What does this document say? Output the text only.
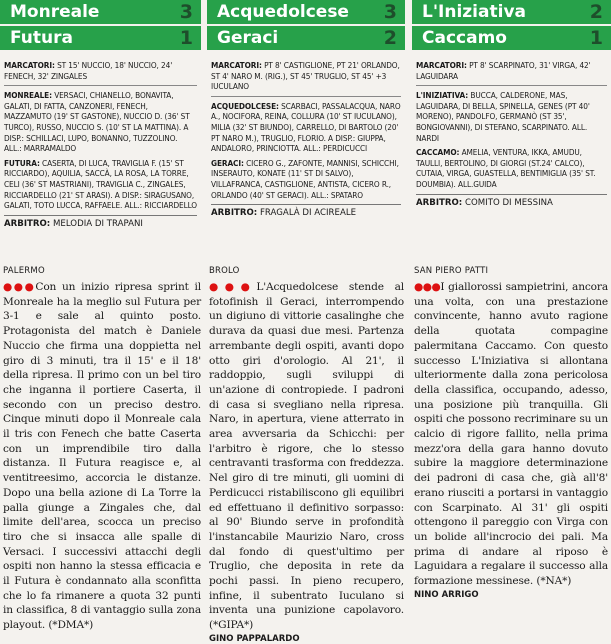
Monreale	3
Futura	1

MARCATORI: ST 15' NUCCIO, 18' NUCCIO, 24' FENECH, 32' ZINGALES

MONREALE: VERSACI, CHIANELLO, BONAVITA, GALATI, DI FATTA, CANZONERI, FENECH, MAZZAMUTO (19' ST GASTONE), NUCCIO D. (36' ST TURCO), RUSSO, NUCCIO S. (10' ST LA MATTINA). A DISP.: SCHILLACI, LUPO, BONANNO, TUZZOLINO. ALL.: MARRAMALDO

FUTURA: CASERTA, DI LUCA, TRAVIGLIA F. (15' ST RICCIARDO), AQUILIA, SACCÀ, LA ROSA, LA TORRE, CELI (36' ST MASTRIANI), TRAVIGLIA C., ZINGALES, RICCIARDELLO (21' ST ARASI). A DISP.: SIRAGUSANO, GALATI, TOTO LUCCA, RAFFAELE. ALL.: RICCIARDELLO

ARBITRO: MELODIA DI TRAPANI
Acquedolcese 3
Geraci	2

MARCATORI: PT 8' CASTIGLIONE, PT 21' ORLANDO, ST 4' NARO M. (RIG.), ST 45' TRUGLIO, ST 45' +3 IUCULANO

ACQUEDOLCESE: SCARBACI, PASSALACQUA, NARO A., NOCIFORA, REINA, COLLURA (10' ST IUCULANO), MILIA (32' ST BIUNDO), CARRELLO, DI BARTOLO (20' PT NARO M.), TRUGLIO, FLORIO. A DISP.: GIUPPA, ANDALORO, PRINCIOTTA. ALL.: PERDICUCCI

GERACI: CICERO G., ZAFONTE, MANNISI, SCHICCHI, INSERAUTO, KONATE (11' ST DI SALVO), VILLAFRANCA, CASTIGLIONE, ANTISTA, CICERO R., ORLANDO (40' ST GERACI). ALL.: SPATARO

ARBITRO: FRAGALÀ DI ACIREALE
L'Iniziativa	2
Caccamo	1

MARCATORI: PT 8' SCARPINATO, 31' VIRGA, 42' LAGUIDARA

L'INIZIATIVA: BUCCA, CALDERONE, MAS, LAGUIDARA, DI BELLA, SPINELLA, GENES (PT 40' MORENO), PANDOLFO, GERMANÒ (ST 35', BONGIOVANNI), DI STEFANO, SCARPINATO. ALL. NARDI

CACCAMO: AMELIA, VENTURA, IKKA, AMUDU, TAULLI, BERTOLINO, DI GIORGI (ST.24' CALCO), CUTAIA, VIRGA, GUASTELLA, BENTIMIGLIA (35' ST. DOUMBIA). ALL.GUIDA

ARBITRO: COMITO DI MESSINA
PALERMO

●●●Con un inizio ripresa sprint il Monreale ha la meglio sul Futura per 3-1 e sale al quinto posto. Protagonista del match è Daniele Nuccio che firma una doppietta nel giro di 3 minuti, tra il 15' e il 18' della ripresa. Il primo con un bel tiro che inganna il portiere Caserta, il secondo con un preciso destro. Cinque minuti dopo il Monreale cala il tris con Fenech che batte Caserta con un imprendibile tiro dalla distanza. Il Futura reagisce e, al ventitreesimo, accorcia le distanze. Dopo una bella azione di La Torre la palla giunge a Zingales che, dal limite dell'area, scocca un preciso tiro che si insacca alle spalle di Versaci. I successivi attacchi degli ospiti non hanno la stessa efficacia e il Futura è condannato alla sconfitta che lo fa rimanere a quota 32 punti in classifica, 8 di vantaggio sulla zona playout. (*DMA*)

BROLO

●●●L'Acquedolcese stende al fotofinish il Geraci, interrompendo un digiuno di vittorie casalinghe che durava da quasi due mesi. Partenza arrembante degli ospiti, avanti dopo otto giri d'orologio. Al 21', il raddoppio, sugli sviluppi di un'azione di contropiede. I padroni di casa si svegliano nella ripresa. Naro, in apertura, viene atterrato in area avversaria da Schicchi: per l'arbitro è rigore, che lo stesso centravanti trasforma con freddezza. Nel giro di tre minuti, gli uomini di Perdicucci ristabiliscono gli equilibri ed effettuano il definitivo sorpasso: al 90' Biundo serve in profondità l'instancabile Maurizio Naro, cross dal fondo di quest'ultimo per Truglio, che deposita in rete da pochi passi. In pieno recupero, infine, il subentrato Iuculano si inventa una punizione capolavoro. (*GIPA*)

GINO PAPPALARDO
SAN PIERO PATTI

●●●I giallorossi sampietrini, ancora una volta, con una prestazione convincente, hanno avuto ragione della quotata compagine palermitana Caccamo. Con questo successo L'Iniziativa si allontana ulteriormente dalla zona pericolosa della classifica, occupando, adesso, una posizione più tranquilla. Gli ospiti che possono recriminare su un calcio di rigore fallito, nella prima mezz'ora della gara hanno dovuto subire la maggiore determinazione dei padroni di casa che, già all'8' erano riusciti a portarsi in vantaggio con Scarpinato. Al 31' gli ospiti ottengono il pareggio con Virga con un bolide all'incrocio dei pali. Ma prima di andare al riposo è Laguidara a regalare il successo alla formazione messinese. (*NA*)

NINO ARRIGO
